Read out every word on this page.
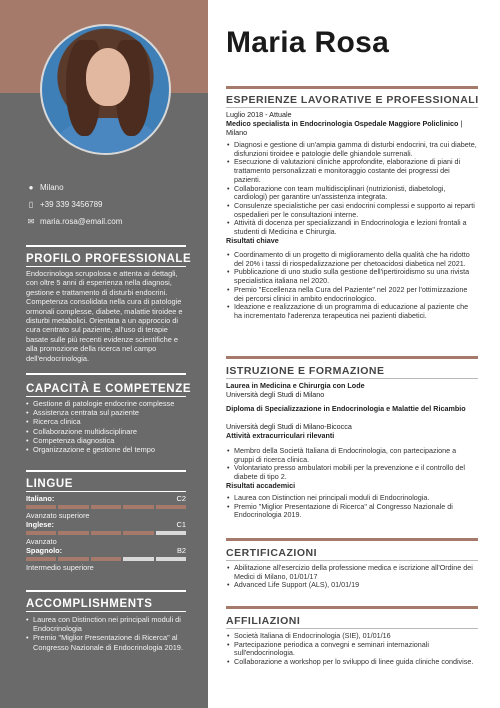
● Milano
▯ +39 339 3456789
✉ maria.rosa@email.com
PROFILO PROFESSIONALE
Endocrinologa scrupolosa e attenta ai dettagli, con oltre 5 anni di esperienza nella diagnosi, gestione e trattamento di disturbi endocrini. Competenza consolidata nella cura di patologie ormonali complesse, diabete, malattie tiroidee e disturbi metabolici. Orientata a un approccio di cura centrato sul paziente, all'uso di terapie basate sulle più recenti evidenze scientifiche e alla promozione della ricerca nel campo dell'endocrinologia.
CAPACITÀ E COMPETENZE
• Gestione di patologie endocrine complesse
• Assistenza centrata sul paziente
• Ricerca clinica
• Collaborazione multidisciplinare
• Competenza diagnostica
• Organizzazione e gestione del tempo
LINGUE
Italiano:	C2
Avanzato superiore
Inglese:	C1
Avanzato
Spagnolo:	B2
Intermedio superiore
ACCOMPLISHMENTS
• Laurea con Distinction nei principali moduli di Endocrinologia
• Premio "Miglior Presentazione di Ricerca" al Congresso Nazionale di Endocrinologia 2019.
Maria Rosa
ESPERIENZE LAVORATIVE E PROFESSIONALI
Luglio 2018 - Attuale
Medico specialista in Endocrinologia Ospedale Maggiore Policlinico | Milano
• Diagnosi e gestione di un'ampia gamma di disturbi endocrini, tra cui diabete, disfunzioni tiroidee e patologie delle ghiandole surrenali.
• Esecuzione di valutazioni cliniche approfondite, elaborazione di piani di trattamento personalizzati e monitoraggio costante dei progressi dei pazienti.
• Collaborazione con team multidisciplinari (nutrizionisti, diabetologi, cardiologi) per garantire un'assistenza integrata.
• Consulenze specialistiche per casi endocrini complessi e supporto ai reparti ospedalieri per le consultazioni interne.
• Attività di docenza per specializzandi in Endocrinologia e lezioni frontali a studenti di Medicina e Chirurgia.
Risultati chiave
• Coordinamento di un progetto di miglioramento della qualità che ha ridotto del 20% i tassi di riospedalizzazione per chetoacidosi diabetica nel 2021.
• Pubblicazione di uno studio sulla gestione dell'ipertiroidismo su una rivista specialistica italiana nel 2020.
• Premio "Eccellenza nella Cura del Paziente" nel 2022 per l'ottimizzazione dei percorsi clinici in ambito endocrinologico.
• Ideazione e realizzazione di un programma di educazione al paziente che ha incrementato l'aderenza terapeutica nei pazienti diabetici.
ISTRUZIONE E FORMAZIONE
Laurea in Medicina e Chirurgia con Lode
Università degli Studi di Milano
Diploma di Specializzazione in Endocrinologia e Malattie del Ricambio
Università degli Studi di Milano-Bicocca
Attività extracurriculari rilevanti
• Membro della Società Italiana di Endocrinologia, con partecipazione a gruppi di ricerca clinica.
• Volontariato presso ambulatori mobili per la prevenzione e il controllo del diabete di tipo 2.
Risultati accademici
• Laurea con Distinction nei principali moduli di Endocrinologia.
• Premio "Miglior Presentazione di Ricerca" al Congresso Nazionale di Endocrinologia 2019.
CERTIFICAZIONI
• Abilitazione all'esercizio della professione medica e iscrizione all'Ordine dei Medici di Milano, 01/01/17
• Advanced Life Support (ALS), 01/01/19
AFFILIAZIONI
• Società Italiana di Endocrinologia (SIE), 01/01/16
• Partecipazione periodica a convegni e seminari internazionali sull'endocrinologia.
• Collaborazione a workshop per lo sviluppo di linee guida cliniche condivise.
